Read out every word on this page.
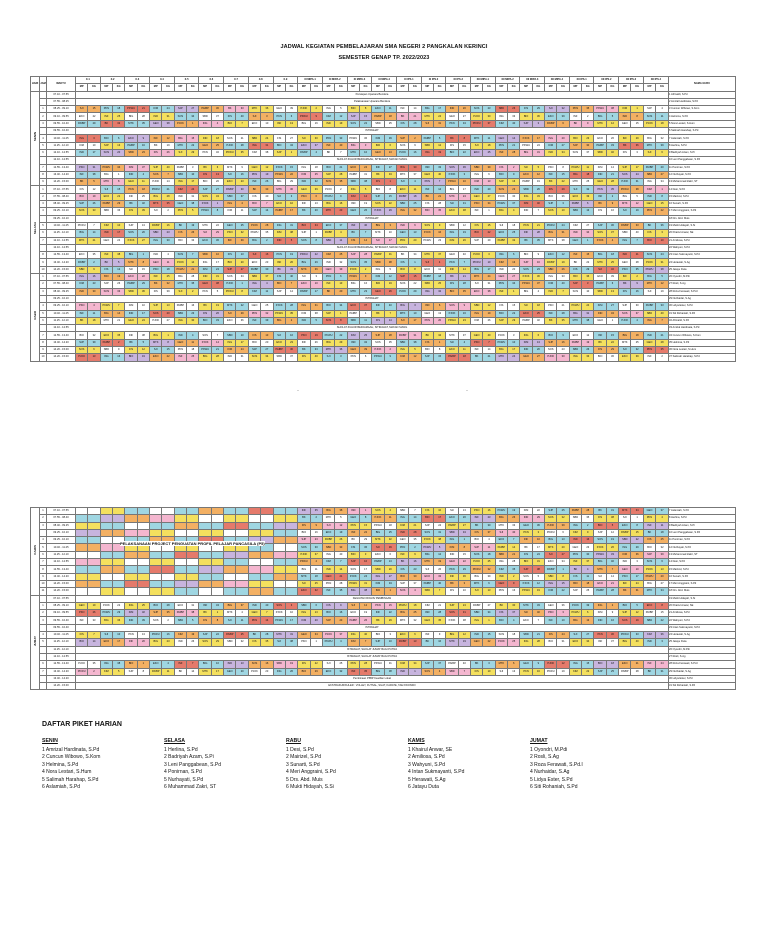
JADWAL KEGIATAN PEMBELAJARAN SMA NEGERI 2 PANGKALAN KERINCI
SEMESTER GENAP TP. 2022/2023
HARI	JAM	WAKTU	X.1		X.2		X.3		X.4		X.5		X.6		X.7		X.8		X.9		XI MIPA.1		XI MIPA.2		XI MIPA.3		XI MIPA.4		XI IPS.1		XI IPS.2		XI IPS.3		XII MIPA.1		XII MIPA.2		XII MIPA.3		XII MIPA.4		XII IPS.1		XII IPS.2		XII IPS.3		XII IPS.4		NAMA GURU
			MP	KG	MP	KG	MP	KG	MP	KG	MP	KG	MP	KG	MP	KG	MP	KG	MP	KG	MP	KG	MP	KG	MP	KG	MP	KG	MP	KG	MP	KG	MP	KG	MP	KG	MP	KG	MP	KG	MP	KG	MP	KG	MP	KG	MP	KG	MP	KG	
SENIN		07.10 - 07.55	Persiapan Upacara Bendera																																																1 Afrinaldi, S.Pd
		07.55 - 08.25	Pelaksanaan Upacara Bendera																																																2 Amizal Hardinata, S.Pd
	1	08.25 - 09.10	SJI	15	PKN	18	PKWU	21	KIM	24	SJP	27	PAIBP	30	BK	33	MTK	36	GEO	39	PJOK	2	ING	5	BIO	8	EKO	11	INF	14	BIG	17	IND	20	SOS	23	SBD	26	FIS	29	SJI	32	PKN	35	PKWU	38	KIM	1	SJP	4	3 Cuncun Wibowo, S.Kom
	2	09.10 - 09.55	EKO	22	INF	25	BIG	28	IND	31	SOS	34	SBD	37	FIS	40	SJI	3	PKN	6	PKWU	9	KIM	12	SJP	15	PAIBP	18	BK	21	MTK	24	GEO	27	PJOK	30	ING	33	BIO	36	EKO	39	INF	2	BIG	5	IND	8	SOS	11	4 Helmina, S.Pd
	3	09.55 - 10.40	PAIBP	29	BK	32	MTK	35	GEO	38	PJOK	1	ING	4	BIO	7	EKO	10	INF	13	BIG	16	IND	19	SOS	22	SBD	25	FIS	28	SJI	31	PKN	34	PKWU	37	KIM	40	SJP	3	PAIBP	6	BK	9	MTK	12	GEO	15	PJOK	18	5 Nora Lestari, S.Hum
		09.55 - 10.40	ISTIRAHAT																																																6 Salimah Harahap, S.Pd
	4	10.40 - 11.25	ING	3	BIO	6	EKO	9	INF	12	BIG	15	IND	18	SOS	21	SBD	24	FIS	27	SJI	30	PKN	33	PKWU	36	KIM	39	SJP	2	PAIBP	5	BK	8	MTK	11	GEO	14	PJOK	17	ING	20	BIO	23	EKO	26	INF	29	BIG	32	7 Aslamiah, S.Pd
	5	11.25 - 12.10	KIM	10	SJP	13	PAIBP	16	BK	19	MTK	22	GEO	25	PJOK	28	ING	31	BIO	34	EKO	37	INF	40	BIG	3	IND	6	SOS	9	SBD	12	FIS	15	SJI	18	PKN	21	PKWU	24	KIM	27	SJP	30	PAIBP	33	BK	36	MTK	39	8 Herlina, S.Pd
	6	12.10 - 12.55	IND	17	SOS	20	SBD	23	FIS	26	SJI	29	PKN	32	PKWU	35	KIM	38	SJP	1	PAIBP	4	BK	7	MTK	10	GEO	13	PJOK	16	ING	19	BIO	22	EKO	25	INF	28	BIG	31	IND	34	SOS	37	SBD	40	FIS	3	SJI	6	9 Badriyah Azam, S.Pi
		12.10 - 12.55	SHOLAT ZUHUR BERJAMAAH, ISTIRAHAT, MAKAN SIANG																																																10 Leni Panggabean, S.Pd
	7	12.55 - 13.40	PKN	31	PKWU	34	KIM	37	SJP	40	PAIBP	3	BK	6	MTK	9	GEO	12	PJOK	15	ING	18	BIO	21	EKO	24	INF	27	BIG	30	IND	33	SOS	36	SBD	39	FIS	2	SJI	5	PKN	8	PKWU	11	KIM	14	SJP	17	PAIBP	20	11 Ponirnan, S.Pd
	8	13.40 - 14.20	INF	38	BIG	1	IND	4	SOS	7	SBD	10	FIS	13	SJI	16	PKN	19	PKWU	22	KIM	25	SJP	28	PAIBP	31	BK	34	MTK	37	GEO	40	PJOK	3	ING	6	BIO	9	EKO	12	INF	15	BIG	18	IND	21	SOS	24	SBD	27	12 Nurhayati, S.Pd
	9	14.20 - 15.00	BK	5	MTK	8	GEO	11	PJOK	14	ING	17	BIO	20	EKO	23	INF	26	BIG	29	IND	32	SOS	35	SBD	38	FIS	1	SJI	4	PKN	7	PKWU	10	KIM	13	SJP	16	PAIBP	19	BK	22	MTK	25	GEO	28	PJOK	31	ING	34	13 Muhammad Zakri, ST
SELASA	1	07.10 - 07.55	FIS	12	SJI	15	PKN	18	PKWU	21	KIM	24	SJP	27	PAIBP	30	BK	33	MTK	36	GEO	39	PJOK	2	ING	5	BIO	8	EKO	11	INF	14	BIG	17	IND	20	SOS	23	SBD	26	FIS	29	SJI	32	PKN	35	PKWU	38	KIM	1	14 Desi, S.Pd
	2	07.55 - 08.40	BIO	19	EKO	22	INF	25	BIG	28	IND	31	SOS	34	SBD	37	FIS	40	SJI	3	PKN	6	PKWU	9	KIM	12	SJP	15	PAIBP	18	BK	21	MTK	24	GEO	27	PJOK	30	ING	33	BIO	36	EKO	39	INF	2	BIG	5	IND	8	15 Mairizel, S.Pd
	3	08.40 - 09.25	SJP	26	PAIBP	29	BK	32	MTK	35	GEO	38	PJOK	1	ING	4	BIO	7	EKO	10	INF	13	BIG	16	IND	19	SOS	22	SBD	25	FIS	28	SJI	31	PKN	34	PKWU	37	KIM	40	SJP	3	PAIBP	6	BK	9	MTK	12	GEO	15	16 Sunarti, S.Pd
	4	09.25 - 10.10	SOS	33	SBD	36	FIS	39	SJI	2	PKN	5	PKWU	8	KIM	11	SJP	14	PAIBP	17	BK	20	MTK	23	GEO	26	PJOK	29	ING	32	BIO	35	EKO	38	INF	1	BIG	4	IND	7	SOS	10	SBD	13	FIS	16	SJI	19	PKN	22	17 Meri Anggraini, S.Pd
		09.25 - 10.10	ISTIRAHAT																																																18 Drs. Abd. Muis
	5	10.40 - 11.25	PKWU	7	KIM	10	SJP	13	PAIBP	16	BK	19	MTK	22	GEO	25	PJOK	28	ING	31	BIO	34	EKO	37	INF	40	BIG	3	IND	6	SOS	9	SBD	12	FIS	15	SJI	18	PKN	21	PKWU	24	KIM	27	SJP	30	PAIBP	33	BK	36	19 Mukti Hidayah, S.Si
	6	11.25 - 12.10	BIG	14	IND	17	SOS	20	SBD	23	FIS	26	SJI	29	PKN	32	PKWU	35	KIM	38	SJP	1	PAIBP	4	BK	7	MTK	10	GEO	13	PJOK	16	ING	19	BIO	22	EKO	25	INF	28	BIG	31	IND	34	SOS	37	SBD	40	FIS	3	20 Khairul Anwar, SE
	7	12.10 - 12.55	MTK	21	GEO	24	PJOK	27	ING	30	BIO	33	EKO	36	INF	39	BIG	2	IND	5	SOS	8	SBD	11	FIS	14	SJI	17	PKN	20	PKWU	23	KIM	26	SJP	29	PAIBP	32	BK	35	MTK	38	GEO	1	PJOK	4	ING	7	BIO	10	21 Arniliosa, S.Pd
		12.10 - 12.55	SHOLAT ZUHUR BERJAMAAH, ISTIRAHAT, MAKAN SIANG																																																22 Wahyuni, S.Pd
	8	12.55 - 13.40	EKO	35	INF	38	BIG	1	IND	4	SOS	7	SBD	10	FIS	13	SJI	16	PKN	19	PKWU	22	KIM	25	SJP	28	PAIBP	31	BK	34	MTK	37	GEO	40	PJOK	3	ING	6	BIO	9	EKO	12	INF	15	BIG	18	IND	21	SOS	24	23 Intan Sukmayanti, S.Pd
	9	13.40 - 14.20	PAIBP	2	BK	5	MTK	8	GEO	11	PJOK	14	ING	17	BIO	20	EKO	23	INF	26	BIG	29	IND	32	SOS	35	SBD	38	FIS	1	SJI	4	PKN	7	PKWU	10	KIM	13	SJP	16	PAIBP	19	BK	22	MTK	25	GEO	28	PJOK	31	24 Herawati, S.Ag
	10	14.20 - 15.00	SBD	9	FIS	12	SJI	15	PKN	18	PKWU	21	KIM	24	SJP	27	PAIBP	30	BK	33	MTK	36	GEO	39	PJOK	2	ING	5	BIO	8	EKO	11	INF	14	BIG	17	IND	20	SOS	23	SBD	26	FIS	29	SJI	32	PKN	35	PKWU	38	25 Jatayu Duta
RABU	1	07.10 - 07.55	ING	16	BIO	19	EKO	22	INF	25	BIG	28	IND	31	SOS	34	SBD	37	FIS	40	SJI	3	PKN	6	PKWU	9	KIM	12	SJP	15	PAIBP	18	BK	21	MTK	24	GEO	27	PJOK	30	ING	33	BIO	36	EKO	39	INF	2	BIG	5	26 Oyondri, M.Pdi
	2	07.55 - 08.40	KIM	23	SJP	26	PAIBP	29	BK	32	MTK	35	GEO	38	PJOK	1	ING	4	BIO	7	EKO	10	INF	13	BIG	16	IND	19	SOS	22	SBD	25	FIS	28	SJI	31	PKN	34	PKWU	37	KIM	40	SJP	3	PAIBP	6	BK	9	MTK	12	27 Rosli, S.Ag
	3	08.40 - 09.25	IND	30	SOS	33	SBD	36	FIS	39	SJI	2	PKN	5	PKWU	8	KIM	11	SJP	14	PAIBP	17	BK	20	MTK	23	GEO	26	PJOK	29	ING	32	BIO	35	EKO	38	INF	1	BIG	4	IND	7	SOS	10	SBD	13	FIS	16	SJI	19	28 Roza Ferawati, S.Pd.I
		09.25 - 10.10	ISTIRAHAT																																																29 Nurhaidar, S.Ag
	4	09.25 - 10.10	PKN	4	PKWU	7	KIM	10	SJP	13	PAIBP	16	BK	19	MTK	22	GEO	25	PJOK	28	ING	31	BIO	34	EKO	37	INF	40	BIG	3	IND	6	SOS	9	SBD	12	FIS	15	SJI	18	PKN	21	PKWU	24	KIM	27	SJP	30	PAIBP	33	30 Lidya Ester, S.Pd
	5	10.40 - 11.25	INF	11	BIG	14	IND	17	SOS	20	SBD	23	FIS	26	SJI	29	PKN	32	PKWU	35	KIM	38	SJP	1	PAIBP	4	BK	7	MTK	10	GEO	13	PJOK	16	ING	19	BIO	22	EKO	25	INF	28	BIG	31	IND	34	SOS	37	SBD	40	31 Siti Rohaniah, S.Pd
	6	11.25 - 12.10	BK	18	MTK	21	GEO	24	PJOK	27	ING	30	BIO	33	EKO	36	INF	39	BIG	2	IND	5	SOS	8	SBD	11	FIS	14	SJI	17	PKN	20	PKWU	23	KIM	26	SJP	29	PAIBP	32	BK	35	MTK	38	GEO	1	PJOK	4	ING	7	32 Afrinaldi, S.Pd
		12.10 - 12.55	SHOLAT ZUHUR BERJAMAAH, ISTIRAHAT, MAKAN SIANG																																																33 Amizal Hardinata, S.Pd
	7	12.55 - 13.40	BIO	32	EKO	35	INF	38	BIG	1	IND	4	SOS	7	SBD	10	FIS	13	SJI	16	PKN	19	PKWU	22	KIM	25	SJP	28	PAIBP	31	BK	34	MTK	37	GEO	40	PJOK	3	ING	6	BIO	9	EKO	12	INF	15	BIG	18	IND	21	34 Cuncun Wibowo, S.Kom
	8	13.40 - 14.20	SJP	39	PAIBP	2	BK	5	MTK	8	GEO	11	PJOK	14	ING	17	BIO	20	EKO	23	INF	26	BIG	29	IND	32	SOS	35	SBD	38	FIS	1	SJI	4	PKN	7	PKWU	10	KIM	13	SJP	16	PAIBP	19	BK	22	MTK	25	GEO	28	35 Helmina, S.Pd
	9	14.20 - 15.00	SOS	6	SBD	9	FIS	12	SJI	15	PKN	18	PKWU	21	KIM	24	SJP	27	PAIBP	30	BK	33	MTK	36	GEO	39	PJOK	2	ING	5	BIO	8	EKO	11	INF	14	BIG	17	IND	20	SOS	23	SBD	26	FIS	29	SJI	32	PKN	35	36 Nora Lestari, S.Hum
	10	14.20 - 15.00	PJOK	13	ING	16	BIO	19	EKO	22	INF	25	BIG	28	IND	31	SOS	34	SBD	37	FIS	40	SJI	3	PKN	6	PKWU	9	KIM	12	SJP	15	PAIBP	18	BK	21	MTK	24	GEO	27	PJOK	30	ING	33	BIO	36	EKO	39	INF	2	37 Salimah Harahap, S.Pd
·	·
KAMIS	1	07.10 - 07.55																			INF	35	BIG	38	IND	1	SOS	4	SBD	7	FIS	10	SJI	13	PKN	16	PKWU	19	KIM	22	SJP	25	PAIBP	28	BK	31	MTK	34	GEO	37	7 Aslamiah, S.Pd
	2	07.55 - 08.40																			BK	2	MTK	5	GEO	8	PJOK	11	ING	14	BIO	17	EKO	20	INF	23	BIG	26	IND	29	SOS	32	SBD	35	FIS	38	SJI	1	PKN	4	8 Herlina, S.Pd
	3	08.40 - 09.25																			FIS	9	SJI	12	PKN	15	PKWU	18	KIM	21	SJP	24	PAIBP	27	BK	30	MTK	33	GEO	36	PJOK	39	ING	2	BIO	5	EKO	8	INF	11	9 Badriyah Azam, S.Pi
		09.25 - 10.10																			BIO	16	EKO	19	INF	22	BIG	25	IND	28	SOS	31	SBD	34	FIS	37	SJI	40	PKN	3	PKWU	6	KIM	9	SJP	12	PAIBP	15	BK	18	10 Leni Panggabean, S.Pd
	4	09.25 - 10.10																			SJP	23	PAIBP	26	BK	29	MTK	32	GEO	35	PJOK	38	ING	1	BIO	4	EKO	7	INF	10	BIG	13	IND	16	SOS	19	SBD	22	FIS	25	11 Ponirnan, S.Pd
	5	10.40 - 11.25																			SOS	30	SBD	33	FIS	36	SJI	39	PKN	2	PKWU	5	KIM	8	SJP	11	PAIBP	14	BK	17	MTK	20	GEO	23	PJOK	26	ING	29	BIO	32	12 Nurhayati, S.Pd
	6	11.25 - 12.10																			PJOK	37	ING	40	BIO	3	EKO	6	INF	9	BIG	12	IND	15	SOS	18	SBD	21	FIS	24	SJI	27	PKN	30	PKWU	33	KIM	36	SJP	39	13 Muhammad Zakri, ST
	7	12.10 - 12.55																			PKWU	4	KIM	7	SJP	10	PAIBP	13	BK	16	MTK	19	GEO	22	PJOK	25	ING	28	BIO	31	EKO	34	INF	37	BIG	40	IND	3	SOS	6	14 Desi, S.Pd
	8	12.55 - 13.40																			BIG	11	IND	14	SOS	17	SBD	20	FIS	23	SJI	26	PKN	29	PKWU	32	KIM	35	SJP	38	PAIBP	1	BK	4	MTK	7	GEO	10	PJOK	13	15 Mairizel, S.Pd
	9	13.40 - 14.20																			MTK	18	GEO	21	PJOK	24	ING	27	BIO	30	EKO	33	INF	36	BIG	39	IND	2	SOS	5	SBD	8	FIS	11	SJI	14	PKN	17	PKWU	20	16 Sunarti, S.Pd
	10	14.20 - 15.00																			SJI	25	PKN	28	PKWU	31	KIM	34	SJP	37	PAIBP	40	BK	3	MTK	6	GEO	9	PJOK	12	ING	15	BIO	18	EKO	21	INF	24	BIG	27	17 Meri Anggraini, S.Pd
	11	14.20 - 15.00																			EKO	32	INF	35	BIG	38	IND	1	SOS	4	SBD	7	FIS	10	SJI	13	PKN	16	PKWU	19	KIM	22	SJP	25	PAIBP	28	BK	31	MTK	34	18 Drs. Abd. Muis
JUMAT		07.10 - 07.55	KEGIATAN ROHIS/ PEMBINAAN																																																19 Mukti Hidayah, S.Si
	1	08.25 - 09.10	GEO	19	PJOK	22	ING	25	BIO	28	EKO	31	INF	34	BIG	37	IND	40	SOS	3	SBD	6	FIS	9	SJI	12	PKN	15	PKWU	18	KIM	21	SJP	24	PAIBP	27	BK	30	MTK	33	GEO	36	PJOK	39	ING	2	BIO	5	EKO	8	20 Khairul Anwar, SE
	2	09.10 - 09.55	PKN	26	PKWU	29	KIM	32	SJP	35	PAIBP	38	BK	1	MTK	4	GEO	7	PJOK	10	ING	13	BIO	16	EKO	19	INF	22	BIG	25	IND	28	SOS	31	SBD	34	FIS	37	SJI	40	PKN	3	PKWU	6	KIM	9	SJP	12	PAIBP	15	21 Arniliosa, S.Pd
	3	09.55 - 10.40	INF	33	BIG	36	IND	39	SOS	2	SBD	5	FIS	8	SJI	11	PKN	14	PKWU	17	KIM	20	SJP	23	PAIBP	26	BK	29	MTK	32	GEO	35	PJOK	38	ING	1	BIO	4	EKO	7	INF	10	BIG	13	IND	16	SOS	19	SBD	22	22 Wahyuni, S.Pd
		09.55 - 10.40	ISTIRAHAT																																																23 Intan Sukmayanti, S.Pd
	4	10.40 - 11.25	FIS	7	SJI	10	PKN	13	PKWU	16	KIM	19	SJP	22	PAIBP	25	BK	28	MTK	31	GEO	34	PJOK	37	ING	40	BIO	3	EKO	6	INF	9	BIG	12	IND	15	SOS	18	SBD	21	FIS	24	SJI	27	PKN	30	PKWU	33	KIM	36	24 Herawati, S.Ag
	5	11.25 - 12.10	BIO	14	EKO	17	INF	20	BIG	23	IND	26	SOS	29	SBD	32	FIS	35	SJI	38	PKN	1	PKWU	4	KIM	7	SJP	10	PAIBP	13	BK	16	MTK	19	GEO	22	PJOK	25	ING	28	BIO	31	EKO	34	INF	37	BIG	40	IND	3	25 Jatayu Duta
		11.25 - 12.10	ISTIRAHAT, SHOLAT JUMAT BAGI PUTRA																																																26 Oyondri, M.Pdi
		12.10 - 12.55	ISTIRAHAT, SHOLAT JUMAT BAGI PUTRA																																																27 Rosli, S.Ag
	6	12.55 - 13.40	PJOK	35	ING	38	BIO	1	EKO	4	INF	7	BIG	10	IND	13	SOS	16	SBD	19	FIS	22	SJI	25	PKN	28	PKWU	31	KIM	34	SJP	37	PAIBP	40	BK	3	MTK	6	GEO	9	PJOK	12	ING	15	BIO	18	EKO	21	INF	24	28 Roza Ferawati, S.Pd.I
	7	13.40 - 14.20	PKWU	2	KIM	5	SJP	8	PAIBP	11	BK	14	MTK	17	GEO	20	PJOK	23	ING	26	BIO	29	EKO	32	INF	35	BIG	38	IND	1	SOS	4	SBD	7	FIS	10	SJI	13	PKN	16	PKWU	19	KIM	22	SJP	25	PAIBP	28	BK	31	29 Nurhaidar, S.Ag
		13.40 - 14.20	Pembinaan P5BP Kearifan Lokal																																																30 Lidya Ester, S.Pd
		14.20 - 15.00	EKSTRAKURIKULER : VOLLEY, FUTSAL, SILAT, KARATE, TAE KWONDO																																																31 Siti Rohaniah, S.Pd
PELAKSANAAN PROJECT PENGUATAN PROFIL PELAJAR PANCASILA (P5)
DAFTAR PIKET HARIAN
SENIN
1 Amrizal Hardinata, S.Pd
2 Cuncun Wibowo, S.Kom
3 Helmina, S.Pd
4 Nora Lestari, S.Hum
5 Salimah Harahap, S.Pd
6 Aslamiah, S.Pd
SELASA
1 Herlina, S.Pd
2 Badriyah Azam, S.Pi
3 Leni Panggabean, S.Pd
4 Ponirnan, S.Pd
5 Nurhayati, S.Pd
6 Muhammad Zakri, ST
RABU
1 Desi, S.Pd
2 Mairizel, S.Pd
3 Sunarti, S.Pd
4 Meri Anggraini, S.Pd
5 Drs. Abd. Muis
6 Mukti Hidayah, S.Si
KAMIS
1 Khairul Anwar, SE
2 Arniliosa, S.Pd
3 Wahyuni, S.Pd
4 Intan Sukmayanti, S.Pd
5 Herawati, S.Ag
6 Jatayu Duta
JUMAT
1 Oyondri, M.Pdi
2 Rosli, S.Ag
3 Roza Ferawati, S.Pd.I
4 Nurhaidar, S.Ag
5 Lidya Ester, S.Pd
6 Siti Rohaniah, S.Pd
